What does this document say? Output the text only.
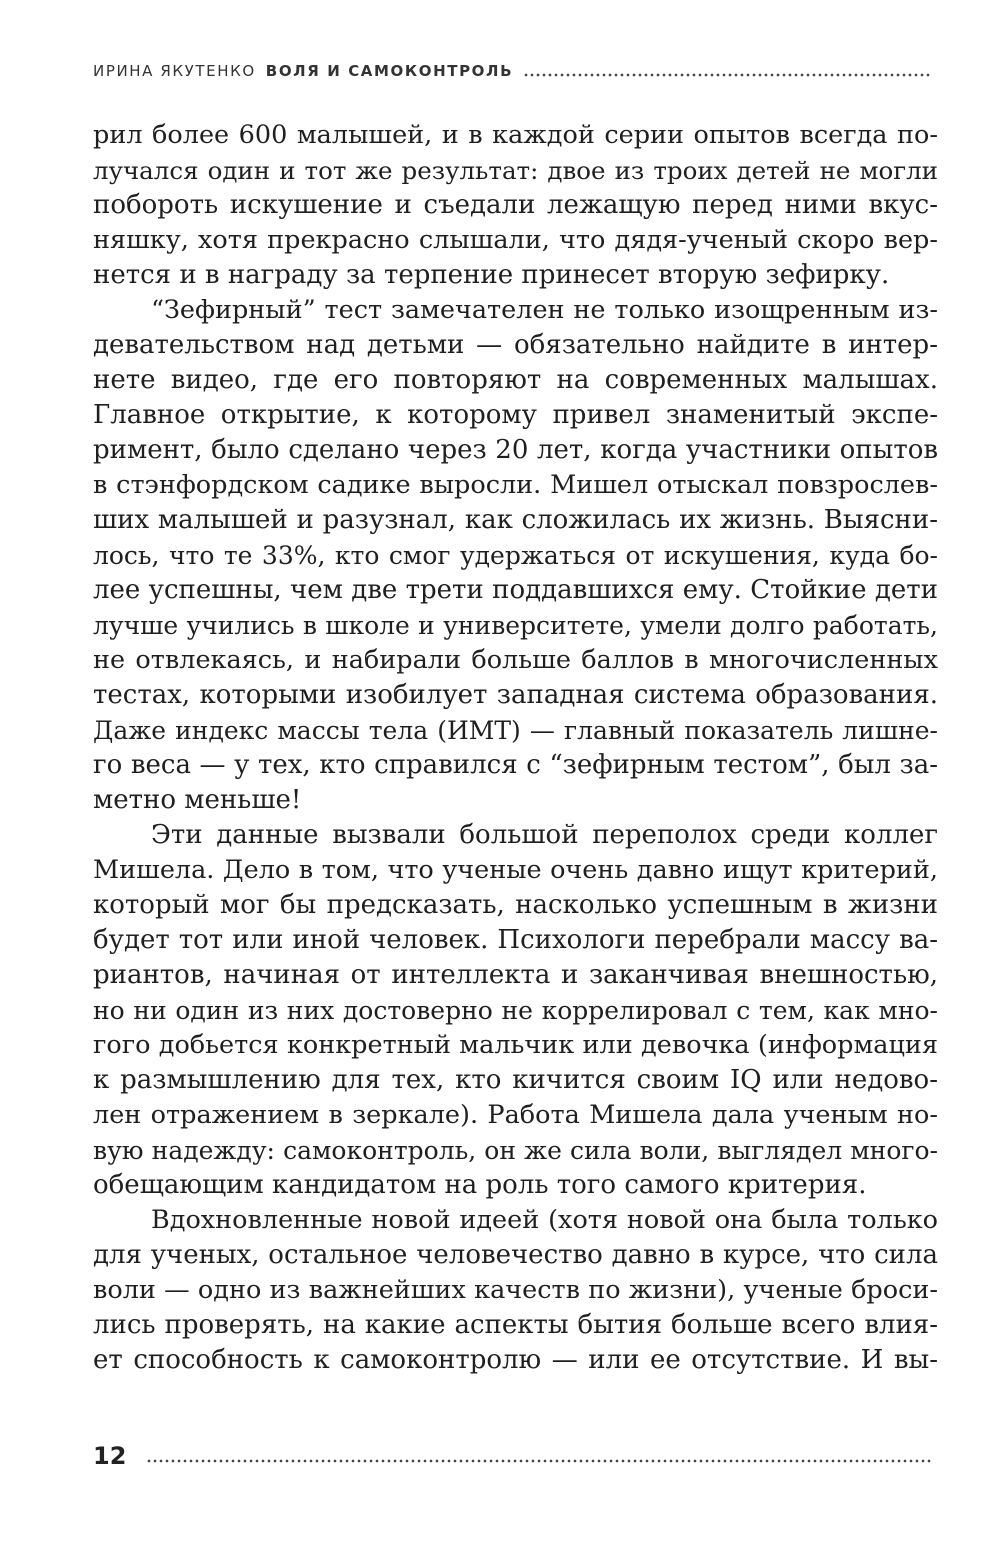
ИРИНА ЯКУТЕНКО ВОЛЯ И САМОКОНТРОЛЬ

рил более 600 малышей, и в каждой серии опытов всегда по-
лучался один и тот же результат: двое из троих детей не могли
побороть искушение и съедали лежащую перед ними вкус-
няшку, хотя прекрасно слышали, что дядя-ученый скоро вер-
нется и в награду за терпение принесет вторую зефирку.

“Зефирный” тест замечателен не только изощренным из-
девательством над детьми — обязательно найдите в интер-
нете видео, где его повторяют на современных малышах.
Главное открытие, к которому привел знаменитый экспе-
римент, было сделано через 20 лет, когда участники опытов
в стэнфордском садике выросли. Мишел отыскал повзрослев-
ших малышей и разузнал, как сложилась их жизнь. Выясни-
лось, что те 33%, кто смог удержаться от искушения, куда бо-
лее успешны, чем две трети поддавшихся ему. Стойкие дети
лучше учились в школе и университете, умели долго работать,
не отвлекаясь, и набирали больше баллов в многочисленных
тестах, которыми изобилует западная система образования.
Даже индекс массы тела (ИМТ) — главный показатель лишне-
го веса — у тех, кто справился с “зефирным тестом”, был за-
метно меньше!

Эти данные вызвали большой переполох среди коллег
Мишела. Дело в том, что ученые очень давно ищут критерий,
который мог бы предсказать, насколько успешным в жизни
будет тот или иной человек. Психологи перебрали массу ва-
риантов, начиная от интеллекта и заканчивая внешностью,
но ни один из них достоверно не коррелировал с тем, как мно-
гого добьется конкретный мальчик или девочка (информация
к размышлению для тех, кто кичится своим IQ или недово-
лен отражением в зеркале). Работа Мишела дала ученым но-
вую надежду: самоконтроль, он же сила воли, выглядел много-
обещающим кандидатом на роль того самого критерия.

Вдохновленные новой идеей (хотя новой она была только
для ученых, остальное человечество давно в курсе, что сила
воли — одно из важнейших качеств по жизни), ученые броси-
лись проверять, на какие аспекты бытия больше всего влия-
ет способность к самоконтролю — или ее отсутствие. И вы-

12
